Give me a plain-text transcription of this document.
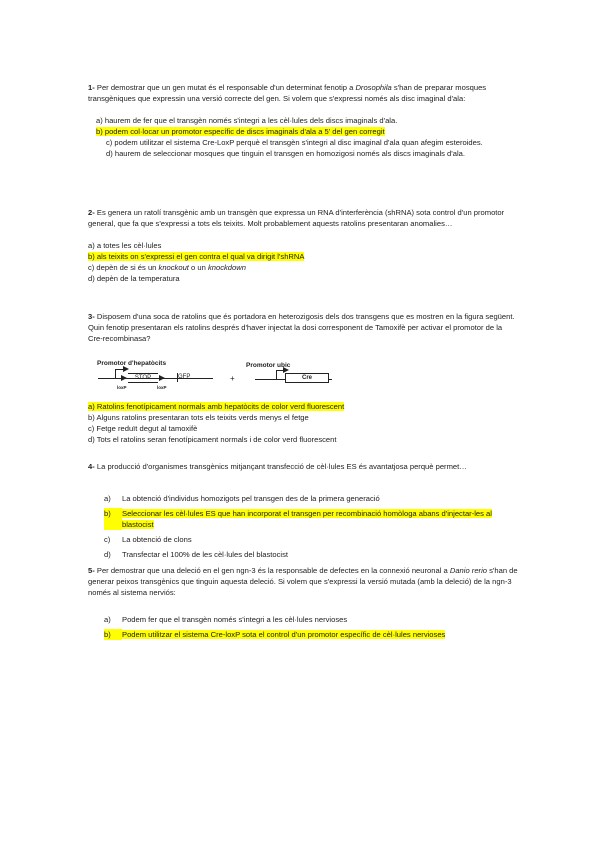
1- Per demostrar que un gen mutat és el responsable d'un determinat fenotip a Drosophila s'han de preparar mosques transgèniques que expressin una versió correcte del gen. Si volem que s'expressi només als disc imaginal d'ala:

a) haurem de fer que el transgèn només s'integri a les cèl·lules dels discs imaginals d'ala.
b) podem col·locar un promotor específic de discs imaginals d'ala a 5' del gen corregit
c) podem utilitzar el sistema Cre-LoxP perquè el transgèn s'integri al disc imaginal d'ala quan afegim esteroides.
d) haurem de seleccionar mosques que tinguin el transgen en homozigosi només als discs imaginals d'ala.

2- Es genera un ratolí transgènic amb un transgèn que expressa un RNA d'interferència (shRNA) sota control d'un promotor general, que fa que s'expressi a tots els teixits. Molt probablement aquests ratolins presentaran anomalies…

a) a totes les cèl·lules
b) als teixits on s'expressi el gen contra el qual va dirigit l'shRNA
c) depèn de si és un knockout o un knockdown
d) depèn de la temperatura

3- Disposem d'una soca de ratolins que és portadora en heterozigosis dels dos transgens que es mostren en la figura següent. Quin fenotip presentaran els ratolins després d'haver injectat la dosi corresponent de Tamoxifè per activar el promotor de la Cre-recombinasa?

Promotor d'hepatòcits	Promotor ubic
STOP	GFP
loxP	loxP
+	Cre
a) Ratolins fenotípicament normals amb hepatòcits de color verd fluorescent
b) Alguns ratolins presentaran tots els teixits verds menys el fetge
c) Fetge reduït degut al tamoxifè
d) Tots el ratolins seran fenotípicament normals i de color verd fluorescent

4- La producció d'organismes transgènics mitjançant transfecció de cèl·lules ES és avantatjosa perquè permet…

a)	La obtenció d'individus homozigots pel transgen des de la primera generació
b)	Seleccionar les cèl·lules ES que han incorporat el transgen per recombinació homòloga abans d'injectar-les al blastocist
c)	La obtenció de clons
d)	Transfectar el 100% de les cèl·lules del blastocist

5- Per demostrar que una deleció en el gen ngn-3 és la responsable de defectes en la connexió neuronal a Danio rerio s'han de generar peixos transgènics que tinguin aquesta deleció. Si volem que s'expressi la versió mutada (amb la deleció) de la ngn-3 només al sistema nerviós:

a)	Podem fer que el transgèn només s'integri a les cèl·lules nervioses
b)	Podem utilitzar el sistema Cre-loxP sota el control d'un promotor específic de cèl·lules nervioses
